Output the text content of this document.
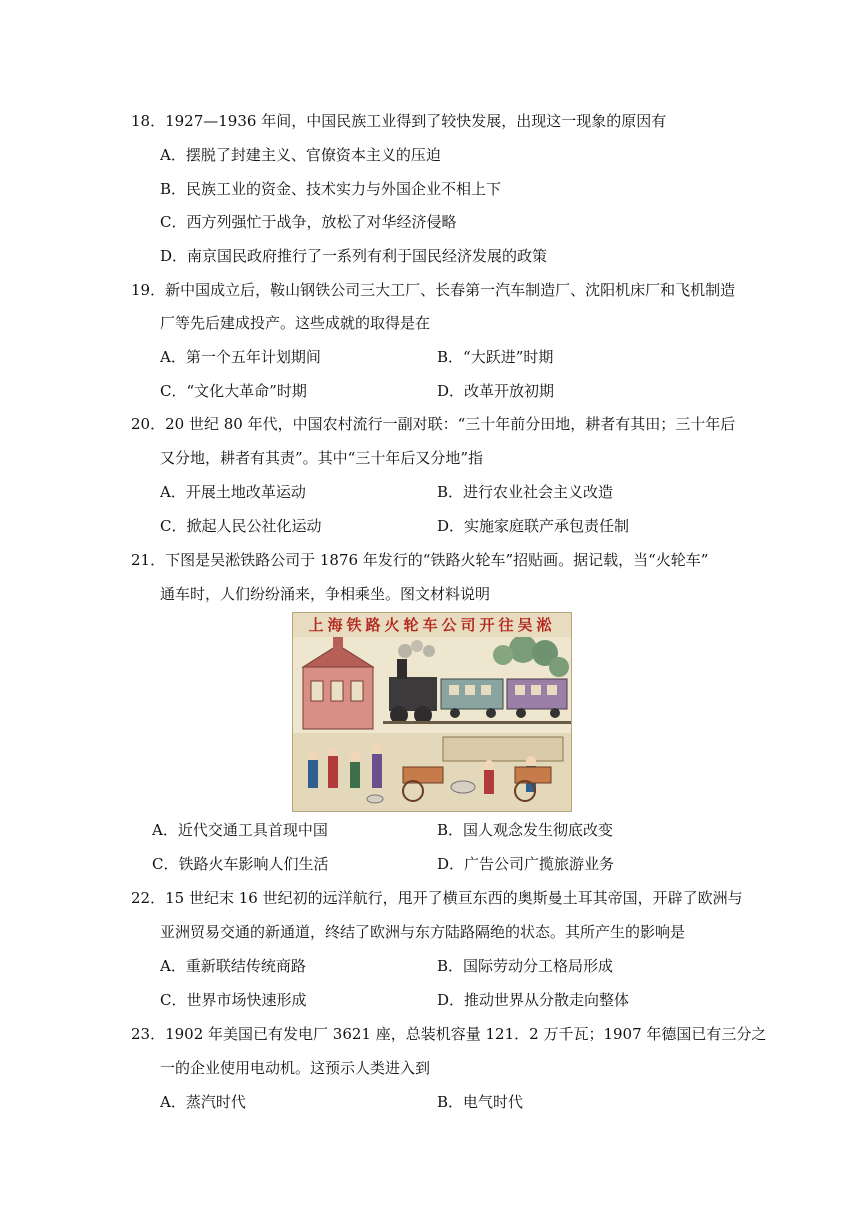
18．1927—1936 年间，中国民族工业得到了较快发展，出现这一现象的原因有
A．摆脱了封建主义、官僚资本主义的压迫
B．民族工业的资金、技术实力与外国企业不相上下
C．西方列强忙于战争，放松了对华经济侵略
D．南京国民政府推行了一系列有利于国民经济发展的政策
19．新中国成立后，鞍山钢铁公司三大工厂、长春第一汽车制造厂、沈阳机床厂和飞机制造
厂等先后建成投产。这些成就的取得是在
A．第一个五年计划期间	B．“大跃进”时期
C．“文化大革命”时期	D．改革开放初期
20．20 世纪 80 年代，中国农村流行一副对联：“三十年前分田地，耕者有其田；三十年后
又分地，耕者有其责”。其中“三十年后又分地”指
A．开展土地改革运动	B．进行农业社会主义改造
C．掀起人民公社化运动	D．实施家庭联产承包责任制
21．下图是吴淞铁路公司于 1876 年发行的“铁路火轮车”招贴画。据记载，当“火轮车”
通车时，人们纷纷涌来，争相乘坐。图文材料说明
上海铁路火轮车公司开往吴淞
A．近代交通工具首现中国	B．国人观念发生彻底改变
C．铁路火车影响人们生活	D．广告公司广揽旅游业务
22．15 世纪末 16 世纪初的远洋航行，甩开了横亘东西的奥斯曼土耳其帝国，开辟了欧洲与
亚洲贸易交通的新通道，终结了欧洲与东方陆路隔绝的状态。其所产生的影响是
A．重新联结传统商路	B．国际劳动分工格局形成
C．世界市场快速形成	D．推动世界从分散走向整体
23．1902 年美国已有发电厂 3621 座，总装机容量 121．2 万千瓦；1907 年德国已有三分之
一的企业使用电动机。这预示人类进入到
A．蒸汽时代	B．电气时代
